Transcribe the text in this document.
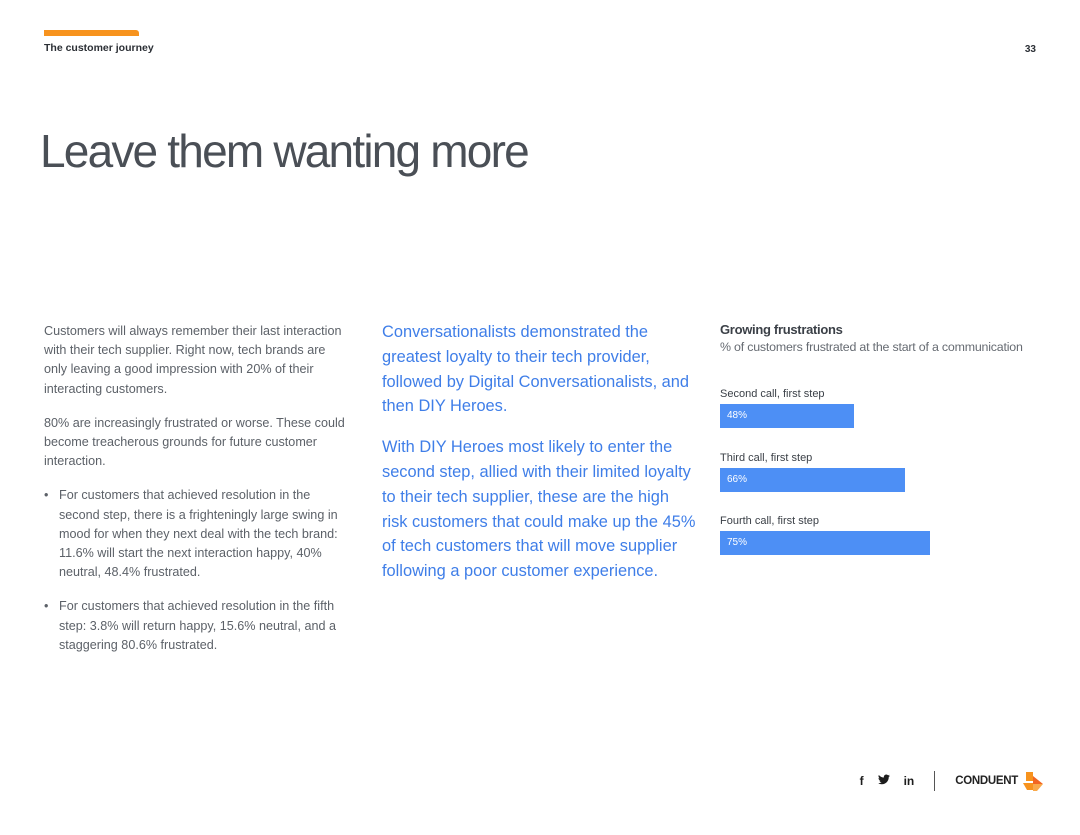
The customer journey	33
Leave them wanting more

Customers will always remember their last interaction with their tech supplier. Right now, tech brands are only leaving a good impression with 20% of their interacting customers.

80% are increasingly frustrated or worse. These could become treacherous grounds for future customer interaction.

• For customers that achieved resolution in the second step, there is a frighteningly large swing in mood for when they next deal with the tech brand: 11.6% will start the next interaction happy, 40% neutral, 48.4% frustrated.
• For customers that achieved resolution in the fifth step: 3.8% will return happy, 15.6% neutral, and a staggering 80.6% frustrated.

Conversationalists demonstrated the greatest loyalty to their tech provider, followed by Digital Conversationalists, and then DIY Heroes.

With DIY Heroes most likely to enter the second step, allied with their limited loyalty to their tech supplier, these are the high risk customers that could make up the 45% of tech customers that will move supplier following a poor customer experience.

Growing frustrations
% of customers frustrated at the start of a communication
Second call, first step
48%
Third call, first step
66%
Fourth call, first step
75%
f	in	CONDUENT
